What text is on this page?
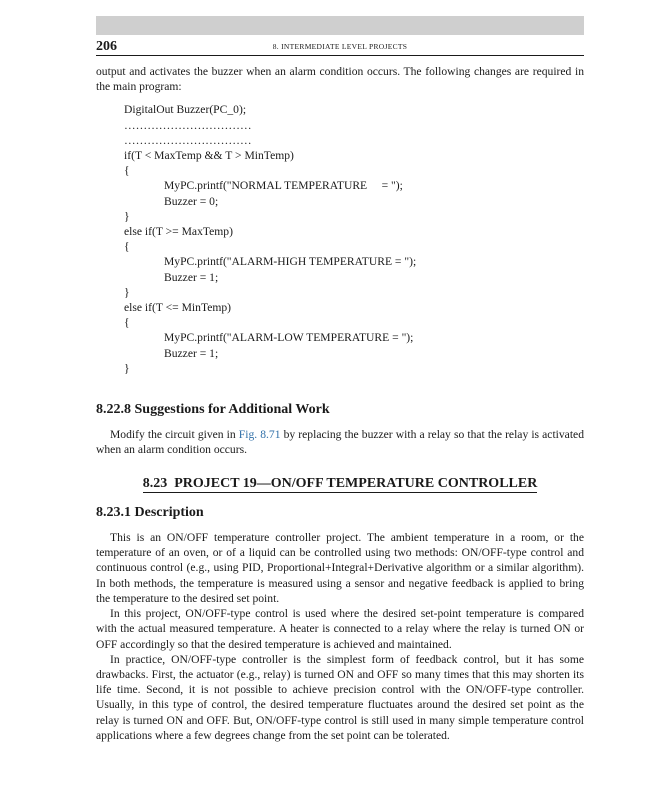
206	8. INTERMEDIATE LEVEL PROJECTS

output and activates the buzzer when an alarm condition occurs. The following changes are required in the main program:

DigitalOut Buzzer(PC_0);
……………………………
……………………………
if(T < MaxTemp && T > MinTemp)
{
MyPC.printf("NORMAL TEMPERATURE     = ");
Buzzer = 0;
}
else if(T >= MaxTemp)
{
MyPC.printf("ALARM-HIGH TEMPERATURE = ");
Buzzer = 1;
}
else if(T <= MinTemp)
{
MyPC.printf("ALARM-LOW TEMPERATURE = ");
Buzzer = 1;
}
8.22.8 Suggestions for Additional Work

Modify the circuit given in Fig. 8.71 by replacing the buzzer with a relay so that the relay is activated when an alarm condition occurs.

8.23 PROJECT 19—ON/OFF TEMPERATURE CONTROLLER
8.23.1 Description

This is an ON/OFF temperature controller project. The ambient temperature in a room, or the temperature of an oven, or of a liquid can be controlled using two methods: ON/OFF-type control and continuous control (e.g., using PID, Proportional+Integral+Derivative algorithm or a similar algorithm). In both methods, the temperature is measured using a sensor and negative feedback is applied to bring the temperature to the desired set point.

In this project, ON/OFF-type control is used where the desired set-point temperature is compared with the actual measured temperature. A heater is connected to a relay where the relay is turned ON or OFF accordingly so that the desired temperature is achieved and maintained.

In practice, ON/OFF-type controller is the simplest form of feedback control, but it has some drawbacks. First, the actuator (e.g., relay) is turned ON and OFF so many times that this may shorten its life time. Second, it is not possible to achieve precision control with the ON/OFF-type controller. Usually, in this type of control, the desired temperature fluctuates around the desired set point as the relay is turned ON and OFF. But, ON/OFF-type control is still used in many simple temperature control applications where a few degrees change from the set point can be tolerated.
